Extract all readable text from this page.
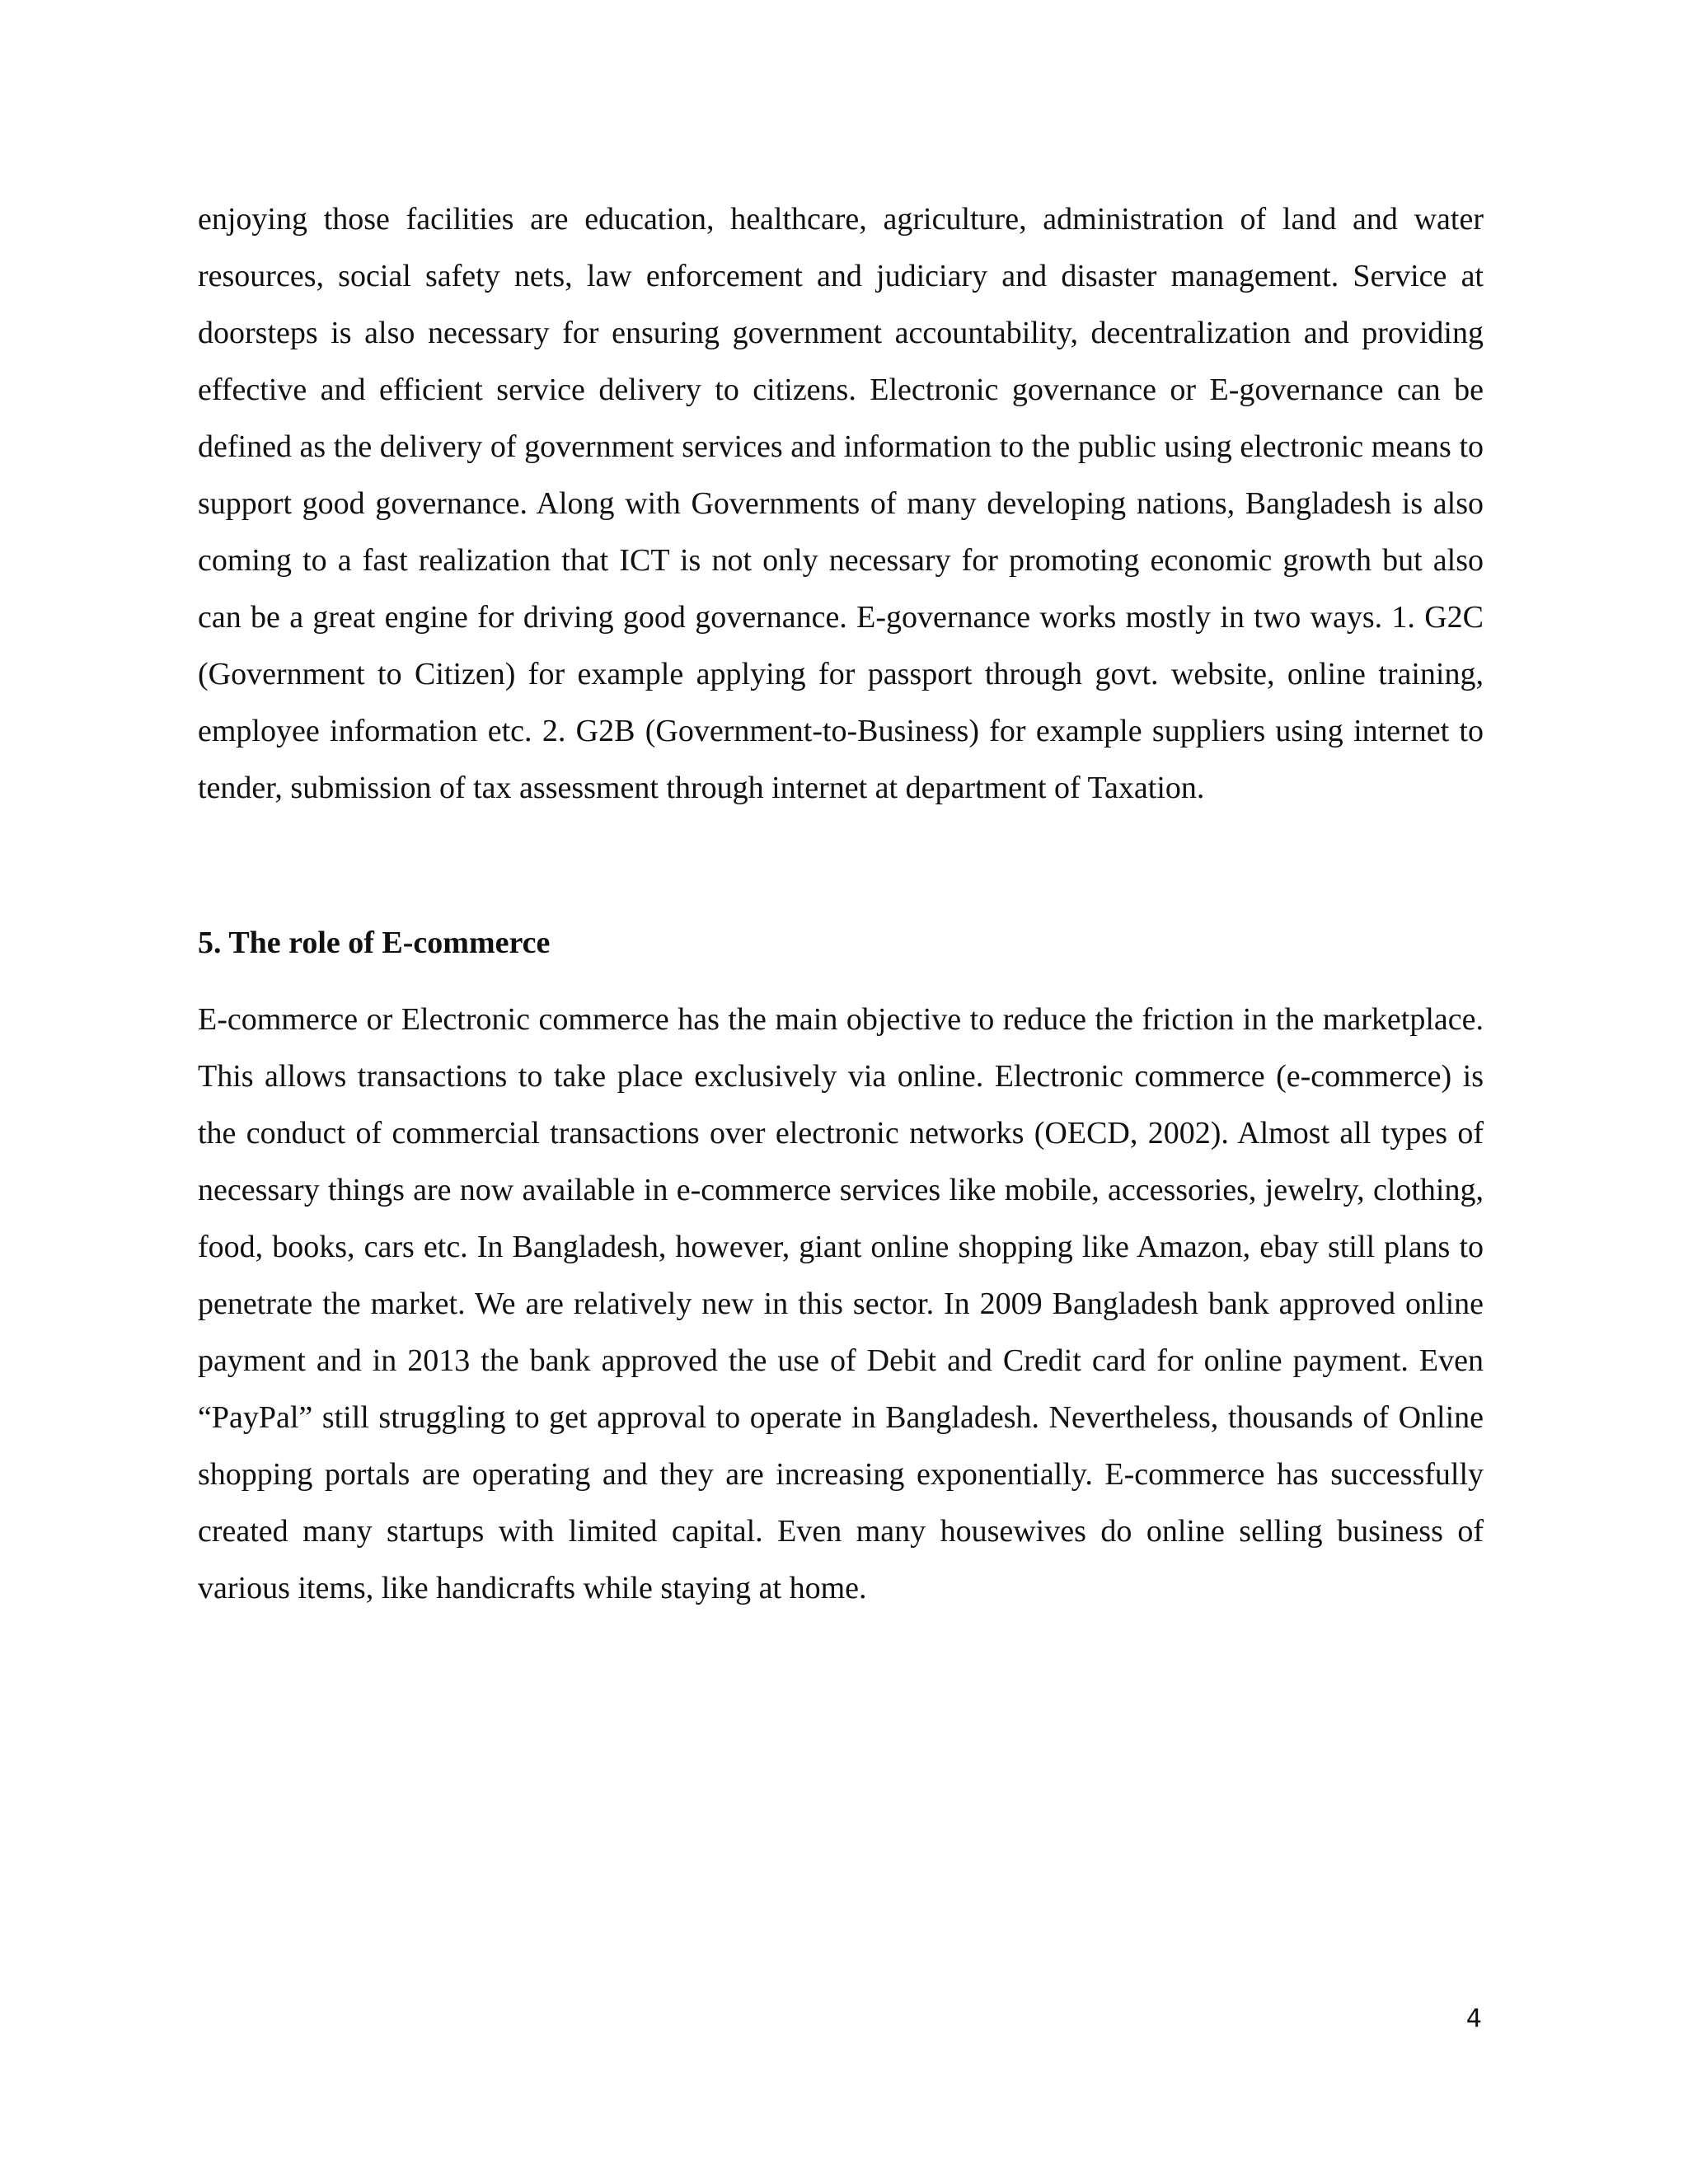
enjoying those facilities are education, healthcare, agriculture, administration of land and water resources, social safety nets, law enforcement and judiciary and disaster management. Service at doorsteps is also necessary for ensuring government accountability, decentralization and providing effective and efficient service delivery to citizens. Electronic governance or E-governance can be defined as the delivery of government services and information to the public using electronic means to support good governance. Along with Governments of many developing nations, Bangladesh is also coming to a fast realization that ICT is not only necessary for promoting economic growth but also can be a great engine for driving good governance. E-governance works mostly in two ways. 1. G2C (Government to Citizen) for example applying for passport through govt. website, online training, employee information etc. 2. G2B (Government-to-Business) for example suppliers using internet to tender, submission of tax assessment through internet at department of Taxation.

5. The role of E-commerce

E-commerce or Electronic commerce has the main objective to reduce the friction in the marketplace. This allows transactions to take place exclusively via online. Electronic commerce (e-commerce) is the conduct of commercial transactions over electronic networks (OECD, 2002). Almost all types of necessary things are now available in e-commerce services like mobile, accessories, jewelry, clothing, food, books, cars etc. In Bangladesh, however, giant online shopping like Amazon, ebay still plans to penetrate the market. We are relatively new in this sector. In 2009 Bangladesh bank approved online payment and in 2013 the bank approved the use of Debit and Credit card for online payment. Even “PayPal” still struggling to get approval to operate in Bangladesh. Nevertheless, thousands of Online shopping portals are operating and they are increasing exponentially. E-commerce has successfully created many startups with limited capital. Even many housewives do online selling business of various items, like handicrafts while staying at home.

4
